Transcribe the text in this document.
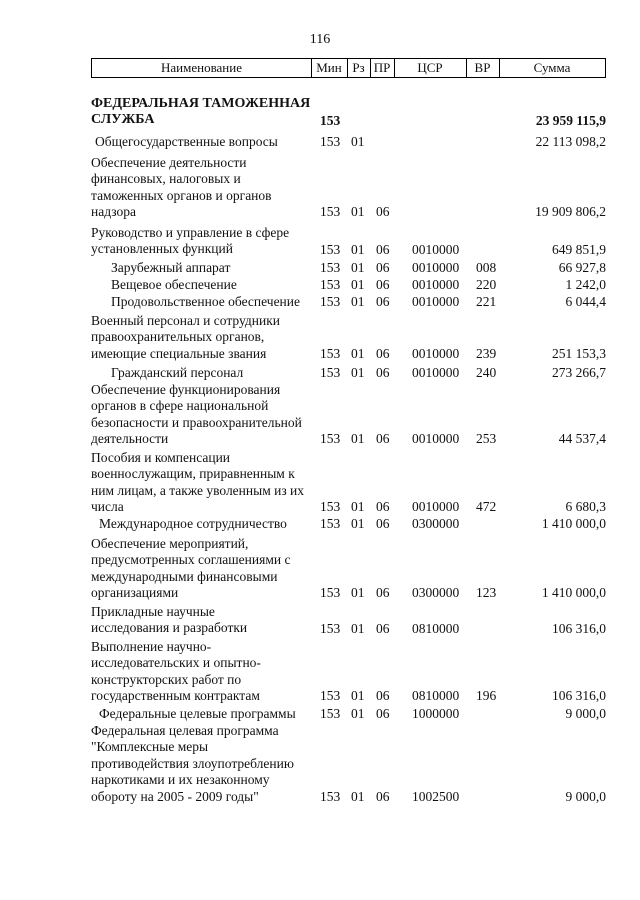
116
Наименование	Мин Рз ПР	ЦСР	ВР	Сумма
ФЕДЕРАЛЬНАЯ ТАМОЖЕННАЯ
СЛУЖБА	153	23 959 115,9
Общегосударственные вопросы	153 01	22 113 098,2
Обеспечение деятельности
финансовых, налоговых и
таможенных органов и органов
надзора	153 01 06	19 909 806,2
Руководство и управление в сфере
установленных функций	153 01 06 0010000	649 851,9
Зарубежный аппарат	153 01 06 0010000 008	66 927,8
Вещевое обеспечение	153 01 06 0010000 220	1 242,0
Продовольственное обеспечение	153 01 06 0010000 221	6 044,4
Военный персонал и сотрудники
правоохранительных органов,
имеющие специальные звания	153 01 06 0010000 239	251 153,3
Гражданский персонал	153 01 06 0010000 240	273 266,7
Обеспечение функционирования
органов в сфере национальной
безопасности и правоохранительной
деятельности	153 01 06 0010000 253	44 537,4
Пособия и компенсации
военнослужащим, приравненным к
ним лицам, а также уволенным из их
числа	153 01 06 0010000 472	6 680,3
Международное сотрудничество	153 01 06 0300000	1 410 000,0
Обеспечение мероприятий,
предусмотренных соглашениями с
международными финансовыми
организациями	153 01 06 0300000 123	1 410 000,0
Прикладные научные
исследования и разработки	153 01 06 0810000	106 316,0
Выполнение научно-
исследовательских и опытно-
конструкторских работ по
государственным контрактам	153 01 06 0810000 196	106 316,0
Федеральные целевые программы	153 01 06 1000000	9 000,0
Федеральная целевая программа
"Комплексные меры
противодействия злоупотреблению
наркотиками и их незаконному
обороту на 2005 - 2009 годы"	153 01 06 1002500	9 000,0
